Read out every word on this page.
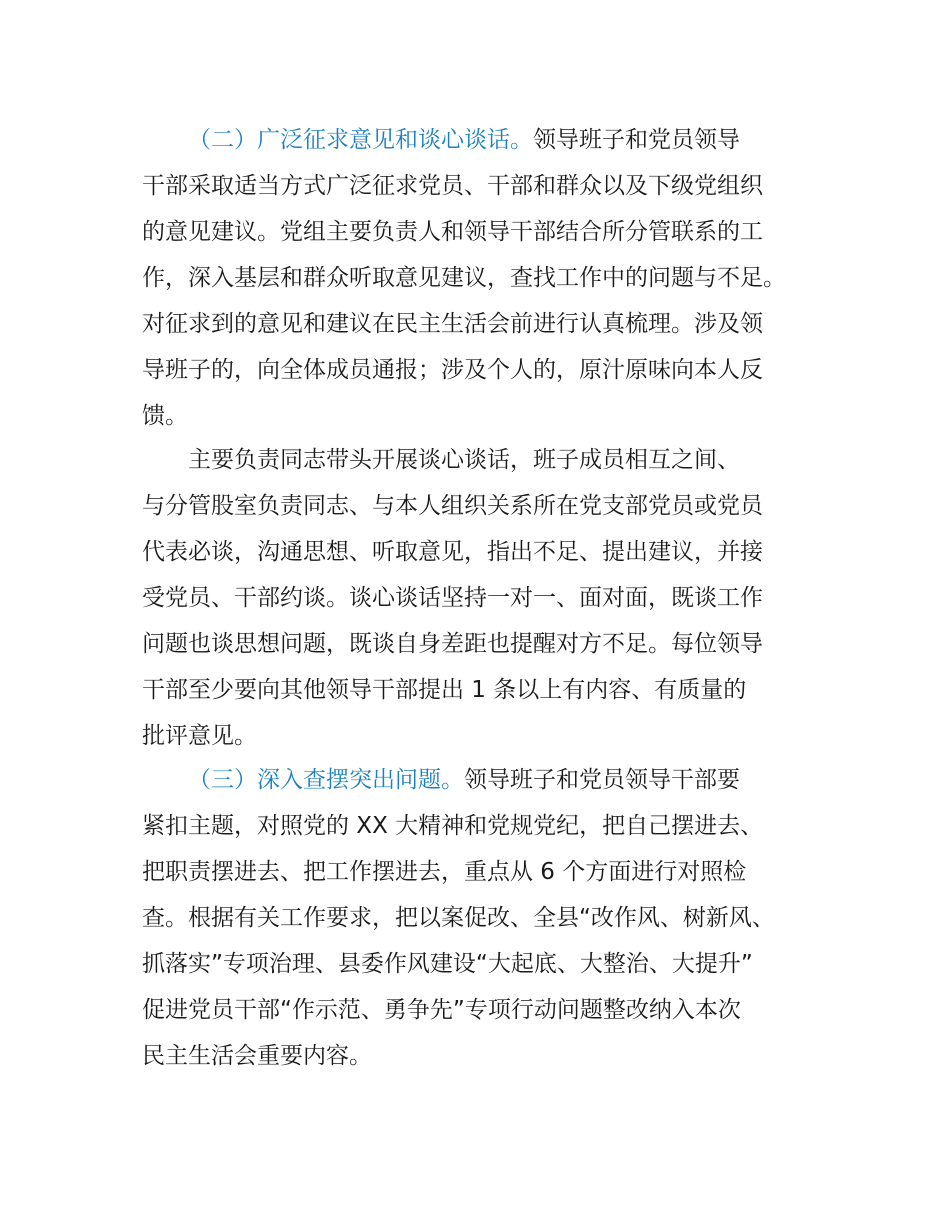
（二）广泛征求意见和谈心谈话。领导班子和党员领导
干部采取适当方式广泛征求党员、干部和群众以及下级党组织
的意见建议。党组主要负责人和领导干部结合所分管联系的工
作，深入基层和群众听取意见建议，查找工作中的问题与不足。
对征求到的意见和建议在民主生活会前进行认真梳理。涉及领
导班子的，向全体成员通报；涉及个人的，原汁原味向本人反
馈。
主要负责同志带头开展谈心谈话，班子成员相互之间、
与分管股室负责同志、与本人组织关系所在党支部党员或党员
代表必谈，沟通思想、听取意见，指出不足、提出建议，并接
受党员、干部约谈。谈心谈话坚持一对一、面对面，既谈工作
问题也谈思想问题，既谈自身差距也提醒对方不足。每位领导
干部至少要向其他领导干部提出 1 条以上有内容、有质量的
批评意见。
（三）深入查摆突出问题。领导班子和党员领导干部要
紧扣主题，对照党的 XX 大精神和党规党纪，把自己摆进去、
把职责摆进去、把工作摆进去，重点从 6 个方面进行对照检
查。根据有关工作要求，把以案促改、全县“改作风、树新风、
抓落实”专项治理、县委作风建设“大起底、大整治、大提升”
促进党员干部“作示范、勇争先”专项行动问题整改纳入本次
民主生活会重要内容。
